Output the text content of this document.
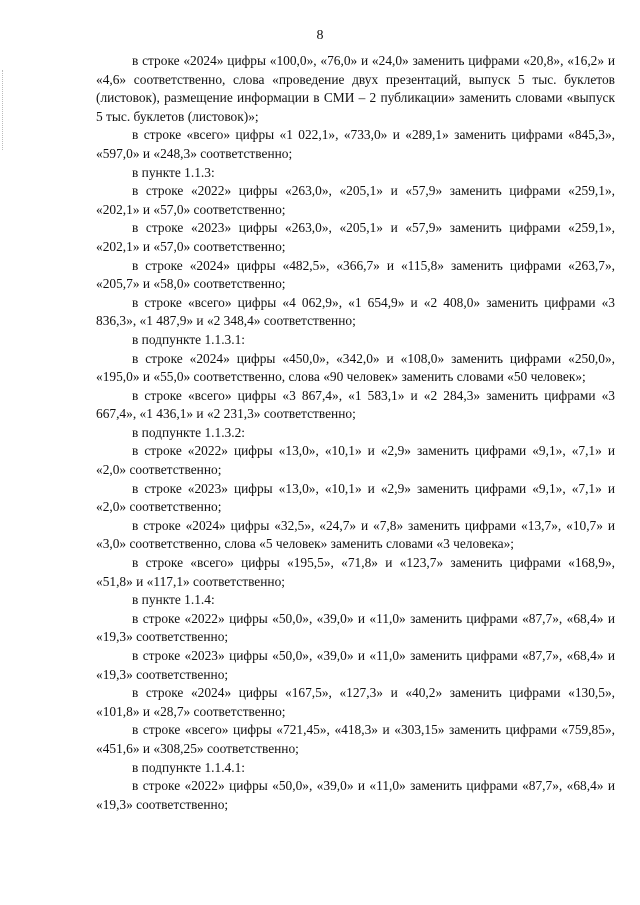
8

в строке «2024» цифры «100,0», «76,0» и «24,0» заменить цифрами «20,8», «16,2» и «4,6» соответственно, слова «проведение двух презентаций, выпуск 5 тыс. буклетов (листовок), размещение информации в СМИ – 2 публикации» заменить словами «выпуск 5 тыс. буклетов (листовок)»;

в строке «всего» цифры «1 022,1», «733,0» и «289,1» заменить цифрами «845,3», «597,0» и «248,3» соответственно;

в пункте 1.1.3:

в строке «2022» цифры «263,0», «205,1» и «57,9» заменить цифрами «259,1», «202,1» и «57,0» соответственно;

в строке «2023» цифры «263,0», «205,1» и «57,9» заменить цифрами «259,1», «202,1» и «57,0» соответственно;

в строке «2024» цифры «482,5», «366,7» и «115,8» заменить цифрами «263,7», «205,7» и «58,0» соответственно;

в строке «всего» цифры «4 062,9», «1 654,9» и «2 408,0» заменить цифрами «3 836,3», «1 487,9» и «2 348,4» соответственно;

в подпункте 1.1.3.1:

в строке «2024» цифры «450,0», «342,0» и «108,0» заменить цифрами «250,0», «195,0» и «55,0» соответственно, слова «90 человек» заменить словами «50 человек»;

в строке «всего» цифры «3 867,4», «1 583,1» и «2 284,3» заменить цифрами «3 667,4», «1 436,1» и «2 231,3» соответственно;

в подпункте 1.1.3.2:

в строке «2022» цифры «13,0», «10,1» и «2,9» заменить цифрами «9,1», «7,1» и «2,0» соответственно;

в строке «2023» цифры «13,0», «10,1» и «2,9» заменить цифрами «9,1», «7,1» и «2,0» соответственно;

в строке «2024» цифры «32,5», «24,7» и «7,8» заменить цифрами «13,7», «10,7» и «3,0» соответственно, слова «5 человек» заменить словами «3 человека»;

в строке «всего» цифры «195,5», «71,8» и «123,7» заменить цифрами «168,9», «51,8» и «117,1» соответственно;

в пункте 1.1.4:

в строке «2022» цифры «50,0», «39,0» и «11,0» заменить цифрами «87,7», «68,4» и «19,3» соответственно;

в строке «2023» цифры «50,0», «39,0» и «11,0» заменить цифрами «87,7», «68,4» и «19,3» соответственно;

в строке «2024» цифры «167,5», «127,3» и «40,2» заменить цифрами «130,5», «101,8» и «28,7» соответственно;

в строке «всего» цифры «721,45», «418,3» и «303,15» заменить цифрами «759,85», «451,6» и «308,25» соответственно;

в подпункте 1.1.4.1:

в строке «2022» цифры «50,0», «39,0» и «11,0» заменить цифрами «87,7», «68,4» и «19,3» соответственно;
